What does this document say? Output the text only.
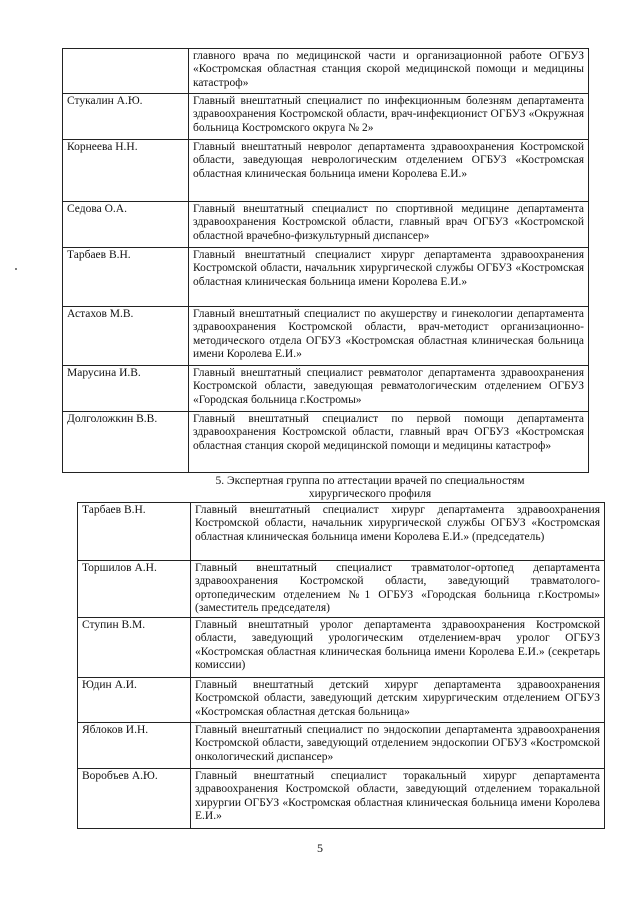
	главного врача по медицинской части и организационной работе ОГБУЗ «Костромская областная станция скорой медицинской помощи и медицины катастроф»
Стукалин А.Ю.	Главный внештатный специалист по инфекционным болезням департамента здравоохранения Костромской области, врач-инфекционист ОГБУЗ «Окружная больница Костромского округа № 2»
Корнеева Н.Н.	Главный внештатный невролог департамента здравоохранения Костромской области, заведующая неврологическим отделением ОГБУЗ «Костромская областная клиническая больница имени Королева Е.И.»
Седова О.А.	Главный внештатный специалист по спортивной медицине департамента здравоохранения Костромской области, главный врач ОГБУЗ «Костромской областной врачебно-физкультурный диспансер»
Тарбаев В.Н.	Главный внештатный специалист хирург департамента здравоохранения Костромской области, начальник хирургической службы ОГБУЗ «Костромская областная клиническая больница имени Королева Е.И.»
Астахов М.В.	Главный внештатный специалист по акушерству и гинекологии департамента здравоохранения Костромской области, врач-методист организационно-методического отдела ОГБУЗ «Костромская областная клиническая больница имени Королева Е.И.»
Марусина И.В.	Главный внештатный специалист ревматолог департамента здравоохранения Костромской области, заведующая ревматологическим отделением ОГБУЗ «Городская больница г.Костромы»
Долголожкин В.В.	Главный внештатный специалист по первой помощи департамента здравоохранения Костромской области, главный врач ОГБУЗ «Костромская областная станция скорой медицинской помощи и медицины катастроф»
5. Экспертная группа по аттестации врачей по специальностям хирургического профиля
Тарбаев В.Н.	Главный внештатный специалист хирург департамента здравоохранения Костромской области, начальник хирургической службы ОГБУЗ «Костромская областная клиническая больница имени Королева Е.И.» (председатель)
Торшилов А.Н.	Главный внештатный специалист травматолог-ортопед департамента здравоохранения Костромской области, заведующий травматолого-ортопедическим отделением №1 ОГБУЗ «Городская больница г.Костромы» (заместитель председателя)
Ступин В.М.	Главный внештатный уролог департамента здравоохранения Костромской области, заведующий урологическим отделением-врач уролог ОГБУЗ «Костромская областная клиническая больница имени Королева Е.И.» (секретарь комиссии)
Юдин А.И.	Главный внештатный детский хирург департамента здравоохранения Костромской области, заведующий детским хирургическим отделением ОГБУЗ «Костромская областная детская больница»
Яблоков И.Н.	Главный внештатный специалист по эндоскопии департамента здравоохранения Костромской области, заведующий отделением эндоскопии ОГБУЗ «Костромской онкологический диспансер»
Воробъев А.Ю.	Главный внештатный специалист торакальный хирург департамента здравоохранения Костромской области, заведующий отделением торакальной хирургии ОГБУЗ «Костромская областная клиническая больница имени Королева Е.И.»
5
